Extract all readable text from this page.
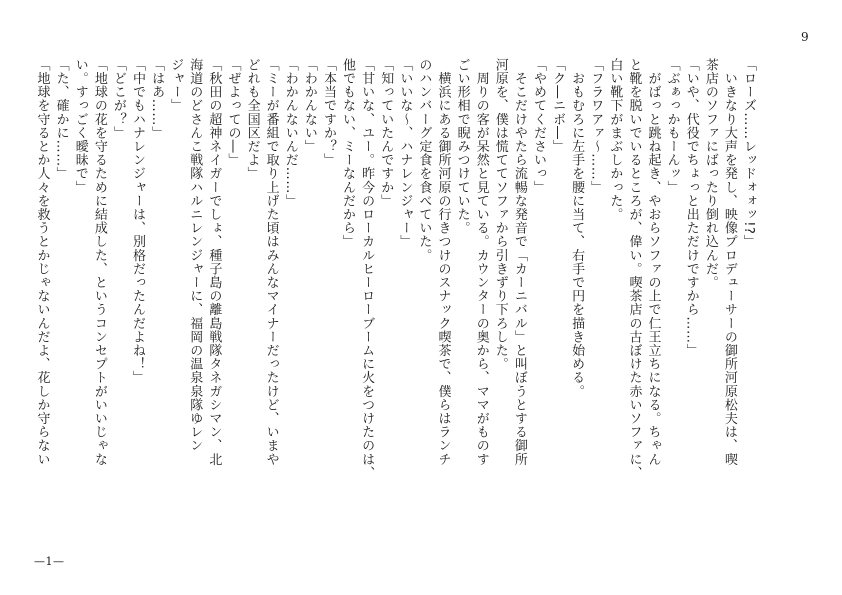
9
「ローズ……レッドォォッ!?」
　いきなり大声を発し、映像プロデューサーの御所河原松夫は、喫
茶店のソファにばったり倒れ込んだ。
「いや、代役でちょっと出ただけですから……」
「ぶぁっかもーんッ」
　がばっと跳ね起き、やおらソファの上で仁王立ちになる。ちゃん
と靴を脱いでいるところが、偉い。喫茶店の古ぼけた赤いソファに、
白い靴下がまぶしかった。
「フラワアァ～……」
　おもむろに左手を腰に当て、右手で円を描き始める。
「ク―ニボ―」
「やめてくださいっ」
　そこだけやたら流暢な発音で「カーニバル」と叫ぼうとする御所
河原を、僕は慌ててソファから引きずり下ろした。
　周りの客が呆然と見ている。カウンターの奥から、ママがものす
ごい形相で睨みつけていた。
　横浜にある御所河原の行きつけのスナック喫茶で、僕らはランチ
のハンバーグ定食を食べていた。
「いいな～、ハナレンジャー」
「知っていたんですか」
「甘いな、ユー。昨今のローカルヒーローブームに火をつけたのは、
他でもない、ミーなんだから」
「本当ですか？」
「わかんない」
「わかんないんだ……」
「ミーが番組で取り上げた頃はみんなマイナーだったけど、いまや
どれも全国区だよ」
「ぜよっての―」
「秋田の超神ネイガーでしょ、種子島の離島戦隊タネガシマン、北
海道のどさんこ戦隊ハルニレンジャーに、福岡の温泉泉隊ゆレン
ジャー」
「はあ……」
「中でもハナレンジャーは、別格だったんだよね！」
「どこが？」
「地球の花を守るために結成した、というコンセプトがいいじゃな
い。すっごく曖昧で」
「た、確かに……」
「地球を守るとか人々を救うとかじゃないんだよ、花しか守らない
—1—
